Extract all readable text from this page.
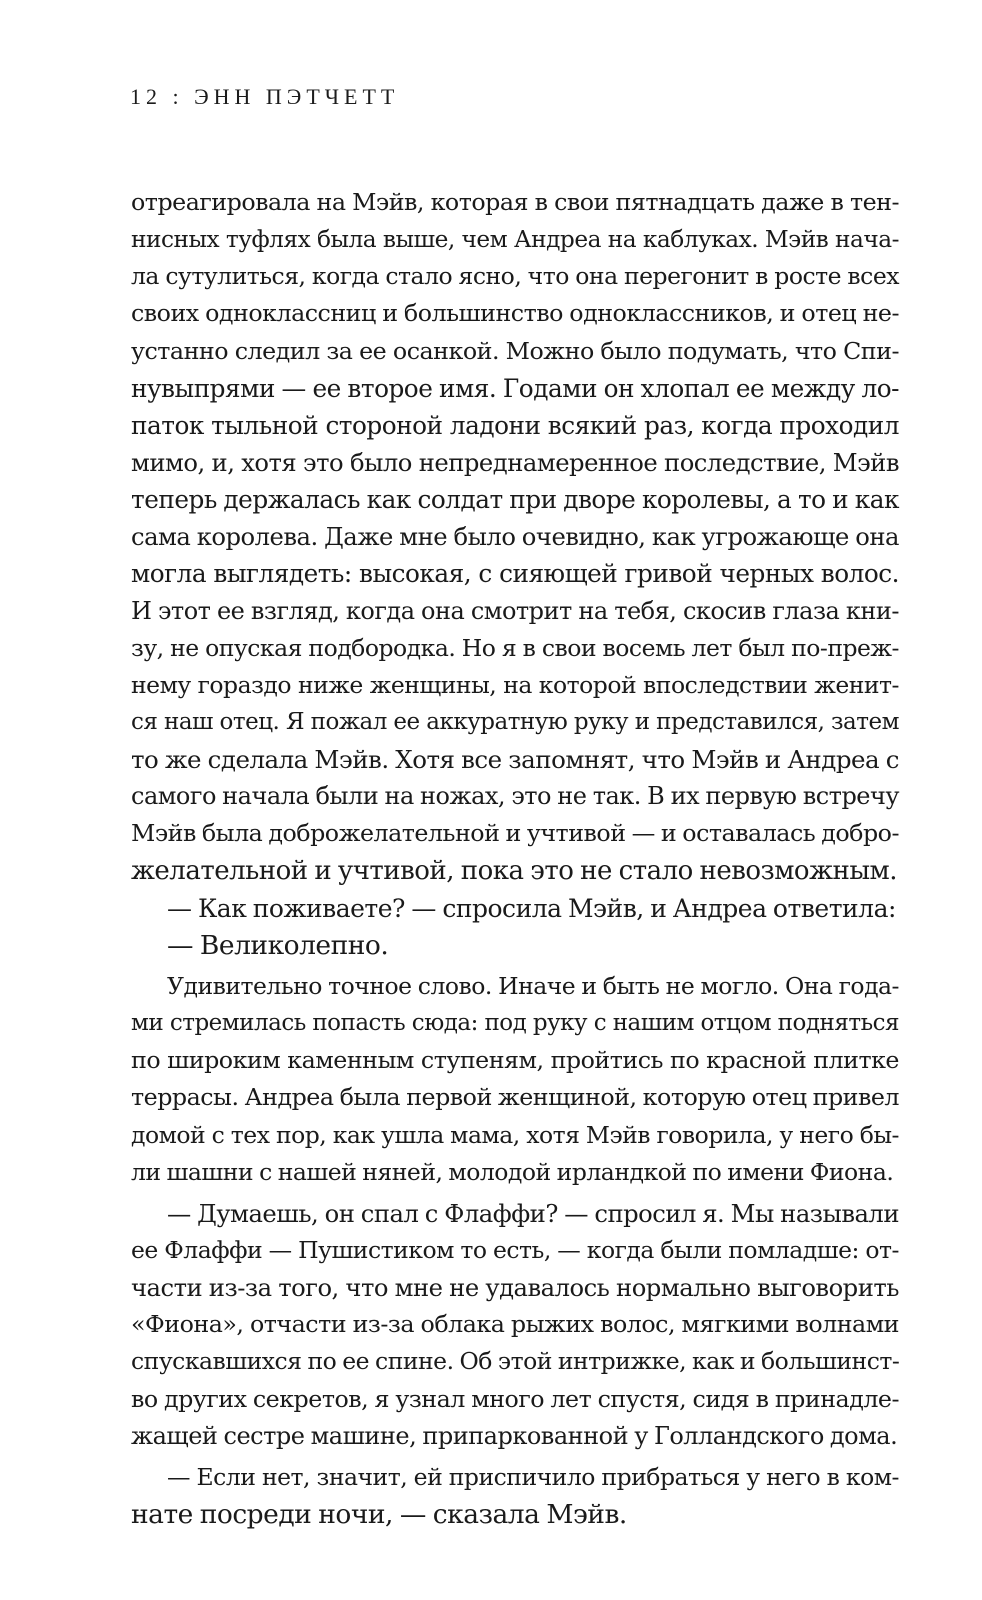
12 : ЭНН ПЭТЧЕТТ
отреагировала на Мэйв, которая в свои пятнадцать даже в тен-
нисных туфлях была выше, чем Андреа на каблуках. Мэйв нача-
ла сутулиться, когда стало ясно, что она перегонит в росте всех
своих одноклассниц и большинство одноклассников, и отец не-
устанно следил за ее осанкой. Можно было подумать, что Спи-
нувыпрями — ее второе имя. Годами он хлопал ее между ло-
паток тыльной стороной ладони всякий раз, когда проходил
мимо, и, хотя это было непреднамеренное последствие, Мэйв
теперь держалась как солдат при дворе королевы, а то и как
сама королева. Даже мне было очевидно, как угрожающе она
могла выглядеть: высокая, с сияющей гривой черных волос.
И этот ее взгляд, когда она смотрит на тебя, скосив глаза кни-
зу, не опуская подбородка. Но я в свои восемь лет был по-преж-
нему гораздо ниже женщины, на которой впоследствии женит-
ся наш отец. Я пожал ее аккуратную руку и представился, затем
то же сделала Мэйв. Хотя все запомнят, что Мэйв и Андреа с
самого начала были на ножах, это не так. В их первую встречу
Мэйв была доброжелательной и учтивой — и оставалась добро-
желательной и учтивой, пока это не стало невозможным.
— Как поживаете? — спросила Мэйв, и Андреа ответила:
— Великолепно.
Удивительно точное слово. Иначе и быть не могло. Она года-
ми стремилась попасть сюда: под руку с нашим отцом подняться
по широким каменным ступеням, пройтись по красной плитке
террасы. Андреа была первой женщиной, которую отец привел
домой с тех пор, как ушла мама, хотя Мэйв говорила, у него бы-
ли шашни с нашей няней, молодой ирландкой по имени Фиона.
— Думаешь, он спал с Флаффи? — спросил я. Мы называли
ее Флаффи — Пушистиком то есть, — когда были помладше: от-
части из-за того, что мне не удавалось нормально выговорить
«Фиона», отчасти из-за облака рыжих волос, мягкими волнами
спускавшихся по ее спине. Об этой интрижке, как и большинст-
во других секретов, я узнал много лет спустя, сидя в принадле-
жащей сестре машине, припаркованной у Голландского дома.
— Если нет, значит, ей приспичило прибраться у него в ком-
нате посреди ночи, — сказала Мэйв.
